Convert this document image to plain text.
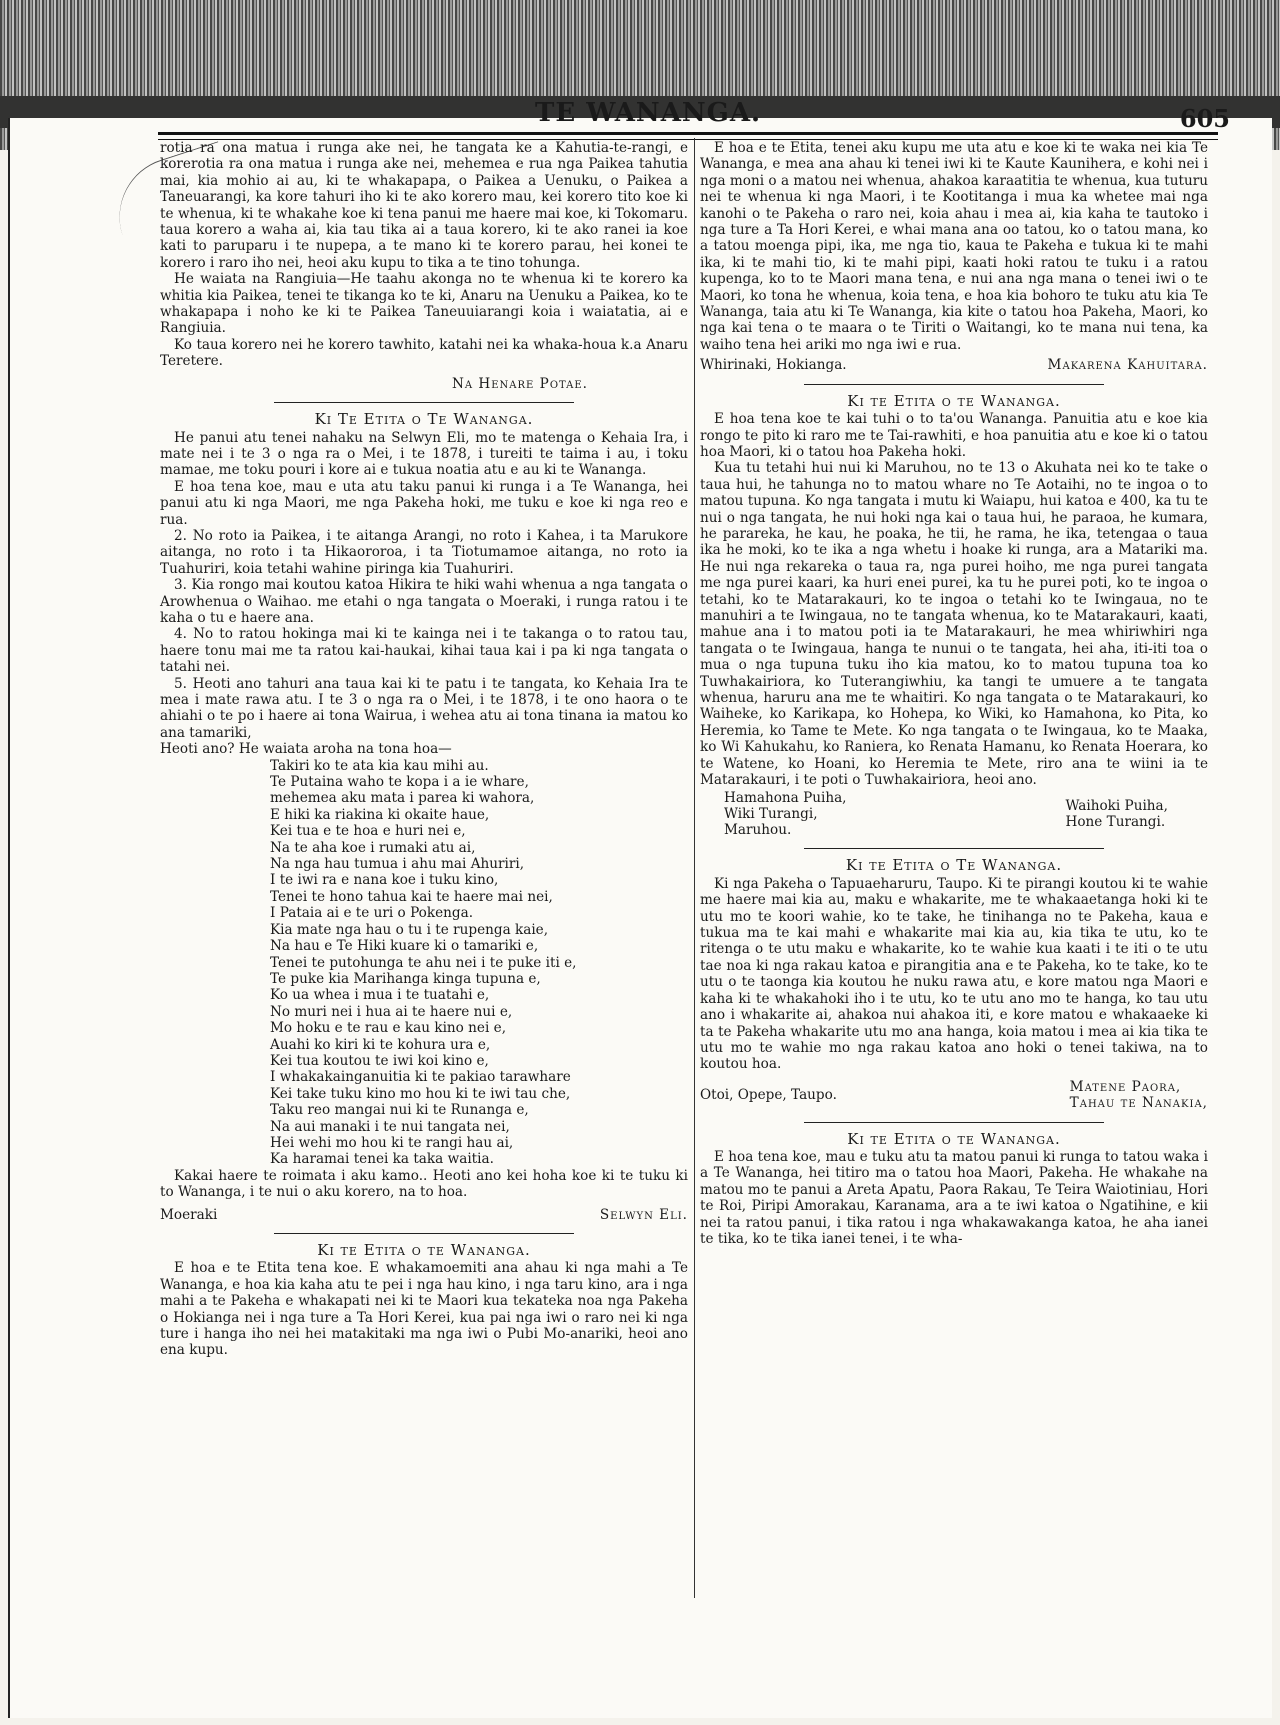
TE WANANGA.	605

rotia ra ona matua i runga ake nei, he tangata ke a Kahutia-te-rangi, e korerotia ra ona matua i runga ake nei, mehemea e rua nga Paikea tahutia mai, kia mohio ai au, ki te whakapapa, o Paikea a Uenuku, o Paikea a Taneuarangi, ka kore tahuri iho ki te ako korero mau, kei korero tito koe ki te whenua, ki te whakahe koe ki tena panui me haere mai koe, ki Tokomaru. taua korero a waha ai, kia tau tika ai a taua korero, ki te ako ranei ia koe kati to paruparu i te nupepa, a te mano ki te korero parau, hei konei te korero i raro iho nei, heoi aku kupu to tika a te tino tohunga.

He waiata na Rangiuia—He taahu akonga no te whenua ki te korero ka whitia kia Paikea, tenei te tikanga ko te ki, Anaru na Uenuku a Paikea, ko te whakapapa i noho ke ki te Paikea Taneuuiarangi koia i waiatatia, ai e Rangiuia.

Ko taua korero nei he korero tawhito, katahi nei ka whaka-houa k.a Anaru Teretere.

Na Henare Potae.
Ki Te Etita o Te Wananga.

He panui atu tenei nahaku na Selwyn Eli, mo te matenga o Kehaia Ira, i mate nei i te 3 o nga ra o Mei, i te 1878, i tureiti te taima i au, i toku mamae, me toku pouri i kore ai e tukua noatia atu e au ki te Wananga.

E hoa tena koe, mau e uta atu taku panui ki runga i a Te Wananga, hei panui atu ki nga Maori, me nga Pakeha hoki, me tuku e koe ki nga reo e rua.

2. No roto ia Paikea, i te aitanga Arangi, no roto i Kahea, i ta Marukore aitanga, no roto i ta Hikaororoa, i ta Tiotumamoe aitanga, no roto ia Tuahuriri, koia tetahi wahine piringa kia Tuahuriri.

3. Kia rongo mai koutou katoa Hikira te hiki wahi whenua a nga tangata o Arowhenua o Waihao. me etahi o nga tangata o Moeraki, i runga ratou i te kaha o tu e haere ana.

4. No to ratou hokinga mai ki te kainga nei i te takanga o to ratou tau, haere tonu mai me ta ratou kai-haukai, kihai taua kai i pa ki nga tangata o tatahi nei.

5. Heoti ano tahuri ana taua kai ki te patu i te tangata, ko Kehaia Ira te mea i mate rawa atu. I te 3 o nga ra o Mei, i te 1878, i te ono haora o te ahiahi o te po i haere ai tona Wairua, i wehea atu ai tona tinana ia matou ko ana tamariki,

Heoti ano? He waiata aroha na tona hoa—

Takiri ko te ata kia kau mihi au.
Te Putaina waho te kopa i a ie whare,
mehemea aku mata i parea ki wahora,
E hiki ka riakina ki okaite haue,
Kei tua e te hoa e huri nei e,
Na te aha koe i rumaki atu ai,
Na nga hau tumua i ahu mai Ahuriri,
I te iwi ra e nana koe i tuku kino,
Tenei te hono tahua kai te haere mai nei,
I Pataia ai e te uri o Pokenga.
Kia mate nga hau o tu i te rupenga kaie,
Na hau e Te Hiki kuare ki o tamariki e,
Tenei te putohunga te ahu nei i te puke iti e,
Te puke kia Marihanga kinga tupuna e,
Ko ua whea i mua i te tuatahi e,
No muri nei i hua ai te haere nui e,
Mo hoku e te rau e kau kino nei e,
Auahi ko kiri ki te kohura ura e,
Kei tua koutou te iwi koi kino e,
I whakakainganuitia ki te pakiao tarawhare
Kei take tuku kino mo hou ki te iwi tau che,
Taku reo mangai nui ki te Runanga e,
Na aui manaki i te nui tangata nei,
Hei wehi mo hou ki te rangi hau ai,
Ka haramai tenei ka taka waitia.

Kakai haere te roimata i aku kamo.. Heoti ano kei hoha koe ki te tuku ki to Wananga, i te nui o aku korero, na to hoa.

Moeraki	Selwyn Eli.
Ki te Etita o te Wananga.

E hoa e te Etita tena koe. E whakamoemiti ana ahau ki nga mahi a Te Wananga, e hoa kia kaha atu te pei i nga hau kino, i nga taru kino, ara i nga mahi a te Pakeha e whakapati nei ki te Maori kua tekateka noa nga Pakeha o Hokianga nei i nga ture a Ta Hori Kerei, kua pai nga iwi o raro nei ki nga ture i hanga iho nei hei matakitaki ma nga iwi o Pubi Mo-anariki, heoi ano ena kupu.

E hoa e te Etita, tenei aku kupu me uta atu e koe ki te waka nei kia Te Wananga, e mea ana ahau ki tenei iwi ki te Kaute Kaunihera, e kohi nei i nga moni o a matou nei whenua, ahakoa karaatitia te whenua, kua tuturu nei te whenua ki nga Maori, i te Kootitanga i mua ka whetee mai nga kanohi o te Pakeha o raro nei, koia ahau i mea ai, kia kaha te tautoko i nga ture a Ta Hori Kerei, e whai mana ana oo tatou, ko o tatou mana, ko a tatou moenga pipi, ika, me nga tio, kaua te Pakeha e tukua ki te mahi ika, ki te mahi tio, ki te mahi pipi, kaati hoki ratou te tuku i a ratou kupenga, ko to te Maori mana tena, e nui ana nga mana o tenei iwi o te Maori, ko tona he whenua, koia tena, e hoa kia bohoro te tuku atu kia Te Wananga, taia atu ki Te Wananga, kia kite o tatou hoa Pakeha, Maori, ko nga kai tena o te maara o te Tiriti o Waitangi, ko te mana nui tena, ka waiho tena hei ariki mo nga iwi e rua.

Whirinaki, Hokianga.	Makarena Kahuitara.
Ki te Etita o te Wananga.

E hoa tena koe te kai tuhi o to ta'ou Wananga. Panuitia atu e koe kia rongo te pito ki raro me te Tai-rawhiti, e hoa panuitia atu e koe ki o tatou hoa Maori, ki o tatou hoa Pakeha hoki.

Kua tu tetahi hui nui ki Maruhou, no te 13 o Akuhata nei ko te take o taua hui, he tahunga no to matou whare no Te Aotaihi, no te ingoa o to matou tupuna. Ko nga tangata i mutu ki Waiapu, hui katoa e 400, ka tu te nui o nga tangata, he nui hoki nga kai o taua hui, he paraoa, he kumara, he parareka, he kau, he poaka, he tii, he rama, he ika, tetengaa o taua ika he moki, ko te ika a nga whetu i hoake ki runga, ara a Matariki ma. He nui nga rekareka o taua ra, nga purei hoiho, me nga purei tangata me nga purei kaari, ka huri enei purei, ka tu he purei poti, ko te ingoa o tetahi, ko te Matarakauri, ko te ingoa o tetahi ko te Iwingaua, no te manuhiri a te Iwingaua, no te tangata whenua, ko te Matarakauri, kaati, mahue ana i to matou poti ia te Matarakauri, he mea whiriwhiri nga tangata o te Iwingaua, hanga te nunui o te tangata, hei aha, iti-iti toa o mua o nga tupuna tuku iho kia matou, ko to matou tupuna toa ko Tuwhakairiora, ko Tuterangiwhiu, ka tangi te umuere a te tangata whenua, haruru ana me te whaitiri. Ko nga tangata o te Matarakauri, ko Waiheke, ko Karikapa, ko Hohepa, ko Wiki, ko Hamahona, ko Pita, ko Heremia, ko Tame te Mete. Ko nga tangata o te Iwingaua, ko te Maaka, ko Wi Kahukahu, ko Raniera, ko Renata Hamanu, ko Renata Hoerara, ko te Watene, ko Hoani, ko Heremia te Mete, riro ana te wiini ia te Matarakauri, i te poti o Tuwhakairiora, heoi ano.

Hamahona Puiha,
Wiki Turangi,
Maruhou.
Waihoki Puiha,
Hone Turangi.
Ki te Etita o Te Wananga.

Ki nga Pakeha o Tapuaeharuru, Taupo. Ki te pirangi koutou ki te wahie me haere mai kia au, maku e whakarite, me te whakaaetanga hoki ki te utu mo te koori wahie, ko te take, he tinihanga no te Pakeha, kaua e tukua ma te kai mahi e whakarite mai kia au, kia tika te utu, ko te ritenga o te utu maku e whakarite, ko te wahie kua kaati i te iti o te utu tae noa ki nga rakau katoa e pirangitia ana e te Pakeha, ko te take, ko te utu o te taonga kia koutou he nuku rawa atu, e kore matou nga Maori e kaha ki te whakahoki iho i te utu, ko te utu ano mo te hanga, ko tau utu ano i whakarite ai, ahakoa nui ahakoa iti, e kore matou e whakaaeke ki ta te Pakeha whakarite utu mo ana hanga, koia matou i mea ai kia tika te utu mo te wahie mo nga rakau katoa ano hoki o tenei takiwa, na to koutou hoa.

Otoi, Opepe, Taupo.	Matene Paora,
Tahau te Nanakia,
Ki te Etita o te Wananga.

E hoa tena koe, mau e tuku atu ta matou panui ki runga to tatou waka i a Te Wananga, hei titiro ma o tatou hoa Maori, Pakeha. He whakahe na matou mo te panui a Areta Apatu, Paora Rakau, Te Teira Waiotiniau, Hori te Roi, Piripi Amorakau, Karanama, ara a te iwi katoa o Ngatihine, e kii nei ta ratou panui, i tika ratou i nga whakawakanga katoa, he aha ianei te tika, ko te tika ianei tenei, i te wha-
